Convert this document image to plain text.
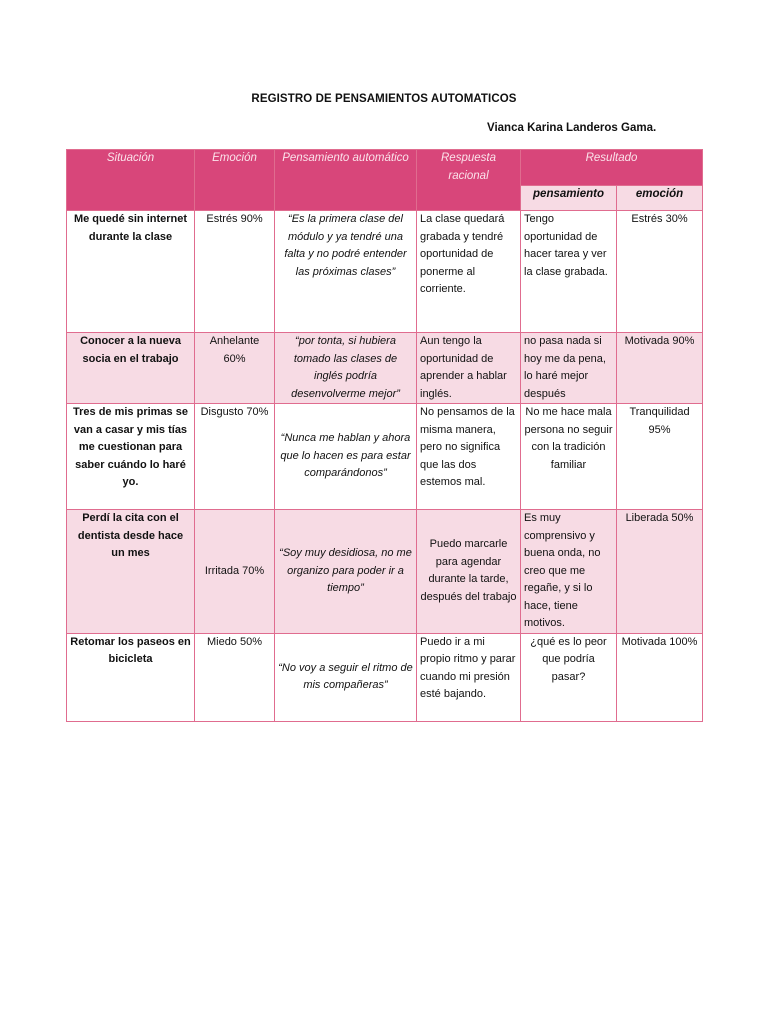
REGISTRO DE PENSAMIENTOS AUTOMATICOS
Vianca Karina Landeros Gama.
Situación	Emoción	Pensamiento automático	Respuesta racional	Resultado	
				pensamiento	emoción
Me quedé sin internet durante la clase	Estrés 90%	“Es la primera clase del módulo y ya tendré una falta y no podré entender las próximas clases”	La clase quedará grabada y tendré oportunidad de ponerme al corriente.	Tengo oportunidad de hacer tarea y ver la clase grabada.	Estrés 30%
Conocer a la nueva socia en el trabajo	Anhelante 60%	“por tonta, si hubiera tomado las clases de inglés podría desenvolverme mejor”	Aun tengo la oportunidad de aprender a hablar inglés.	no pasa nada si hoy me da pena, lo haré mejor después	Motivada 90%
Tres de mis primas se van a casar y mis tías me cuestionan para saber cuándo lo haré yo.	Disgusto 70%	“Nunca me hablan y ahora que lo hacen es para estar comparándonos”	No pensamos de la misma manera, pero no significa que las dos estemos mal.	No me hace mala persona no seguir con la tradición familiar	Tranquilidad 95%
Perdí la cita con el dentista desde hace un mes	Irritada 70%	“Soy muy desidiosa, no me organizo para poder ir a tiempo”	Puedo marcarle para agendar durante la tarde, después del trabajo	Es muy comprensivo y buena onda, no creo que me regañe, y si lo hace, tiene motivos.	Liberada 50%
Retomar los paseos en bicicleta	Miedo 50%	“No voy a seguir el ritmo de mis compañeras”	Puedo ir a mi propio ritmo y parar cuando mi presión esté bajando.	¿qué es lo peor que podría pasar?	Motivada 100%
